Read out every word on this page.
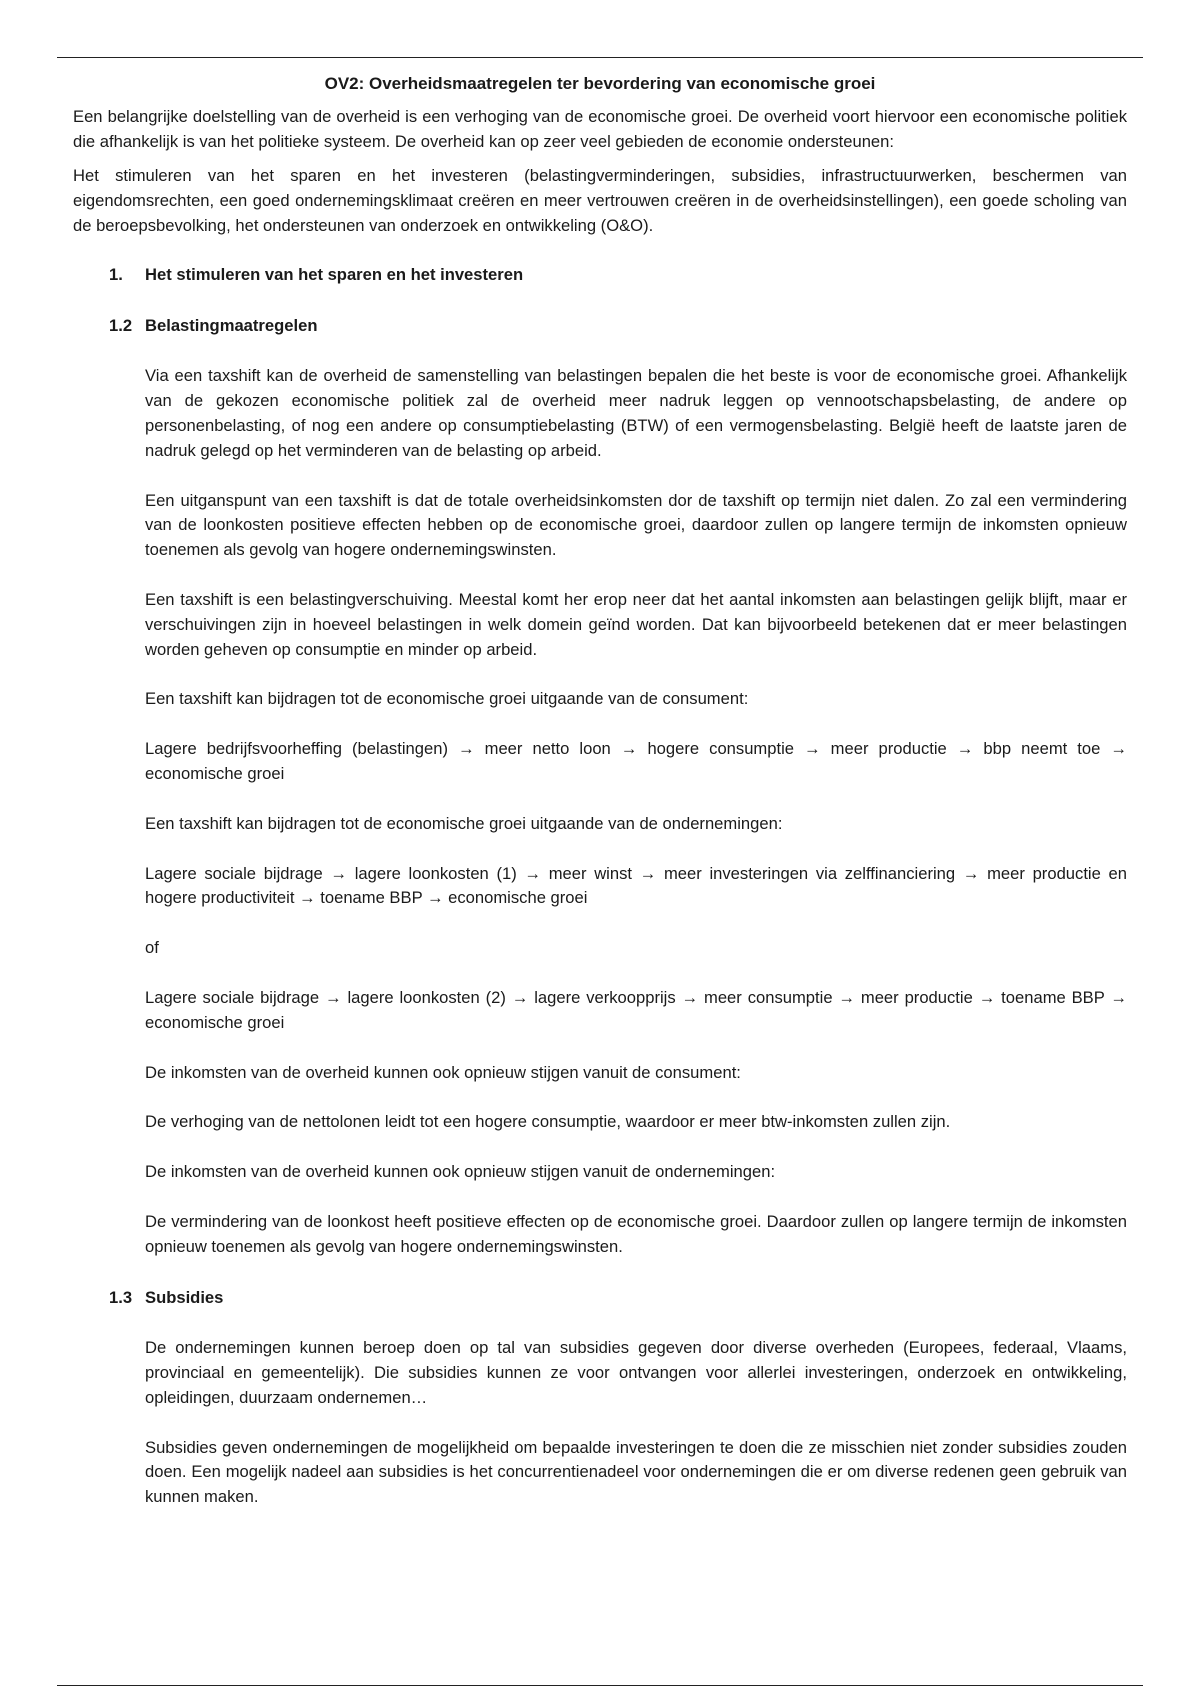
OV2: Overheidsmaatregelen ter bevordering van economische groei
Een belangrijke doelstelling van de overheid is een verhoging van de economische groei. De overheid voort hiervoor een economische politiek die afhankelijk is van het politieke systeem. De overheid kan op zeer veel gebieden de economie ondersteunen:
Het stimuleren van het sparen en het investeren (belastingverminderingen, subsidies, infrastructuurwerken, beschermen van eigendomsrechten, een goed ondernemingsklimaat creëren en meer vertrouwen creëren in de overheidsinstellingen), een goede scholing van de beroepsbevolking, het ondersteunen van onderzoek en ontwikkeling (O&O).
1.	Het stimuleren van het sparen en het investeren
1.2 Belastingmaatregelen
Via een taxshift kan de overheid de samenstelling van belastingen bepalen die het beste is voor de economische groei. Afhankelijk van de gekozen economische politiek zal de overheid meer nadruk leggen op vennootschapsbelasting, de andere op personenbelasting, of nog een andere op consumptiebelasting (BTW) of een vermogensbelasting. België heeft de laatste jaren de nadruk gelegd op het verminderen van de belasting op arbeid.
Een uitganspunt van een taxshift is dat de totale overheidsinkomsten dor de taxshift op termijn niet dalen. Zo zal een vermindering van de loonkosten positieve effecten hebben op de economische groei, daardoor zullen op langere termijn de inkomsten opnieuw toenemen als gevolg van hogere ondernemingswinsten.
Een taxshift is een belastingverschuiving. Meestal komt her erop neer dat het aantal inkomsten aan belastingen gelijk blijft, maar er verschuivingen zijn in hoeveel belastingen in welk domein geïnd worden. Dat kan bijvoorbeeld betekenen dat er meer belastingen worden geheven op consumptie en minder op arbeid.
Een taxshift kan bijdragen tot de economische groei uitgaande van de consument:
Lagere bedrijfsvoorheffing (belastingen) → meer netto loon → hogere consumptie → meer productie → bbp neemt toe → economische groei
Een taxshift kan bijdragen tot de economische groei uitgaande van de ondernemingen:
Lagere sociale bijdrage → lagere loonkosten (1) → meer winst → meer investeringen via zelffinanciering → meer productie en hogere productiviteit → toename BBP → economische groei
of
Lagere sociale bijdrage → lagere loonkosten (2) → lagere verkoopprijs → meer consumptie → meer productie → toename BBP → economische groei
De inkomsten van de overheid kunnen ook opnieuw stijgen vanuit de consument:
De verhoging van de nettolonen leidt tot een hogere consumptie, waardoor er meer btw-inkomsten zullen zijn.
De inkomsten van de overheid kunnen ook opnieuw stijgen vanuit de ondernemingen:
De vermindering van de loonkost heeft positieve effecten op de economische groei. Daardoor zullen op langere termijn de inkomsten opnieuw toenemen als gevolg van hogere ondernemingswinsten.
1.3 Subsidies
De ondernemingen kunnen beroep doen op tal van subsidies gegeven door diverse overheden (Europees, federaal, Vlaams, provinciaal en gemeentelijk). Die subsidies kunnen ze voor ontvangen voor allerlei investeringen, onderzoek en ontwikkeling, opleidingen, duurzaam ondernemen…
Subsidies geven ondernemingen de mogelijkheid om bepaalde investeringen te doen die ze misschien niet zonder subsidies zouden doen. Een mogelijk nadeel aan subsidies is het concurrentienadeel voor ondernemingen die er om diverse redenen geen gebruik van kunnen maken.
